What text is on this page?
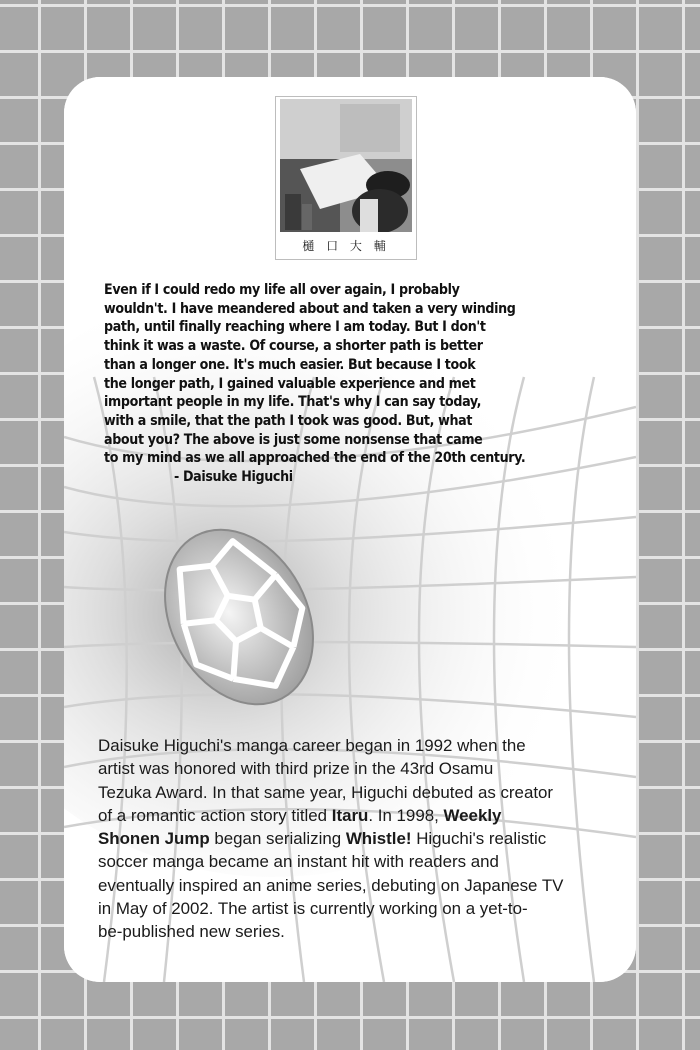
樋 口 大 輔
Even if I could redo my life all over again, I probably
wouldn't. I have meandered about and taken a very winding
path, until finally reaching where I am today. But I don't
think it was a waste. Of course, a shorter path is better
than a longer one. It's much easier. But because I took
the longer path, I gained valuable experience and met
important people in my life. That's why I can say today,
with a smile, that the path I took was good. But, what
about you? The above is just some nonsense that came
to my mind as we all approached the end of the 20th century.
- Daisuke Higuchi
Daisuke Higuchi's manga career began in 1992 when the
artist was honored with third prize in the 43rd Osamu
Tezuka Award. In that same year, Higuchi debuted as creator
of a romantic action story titled Itaru. In 1998, Weekly
Shonen Jump began serializing Whistle! Higuchi's realistic
soccer manga became an instant hit with readers and
eventually inspired an anime series, debuting on Japanese TV
in May of 2002. The artist is currently working on a yet-to-
be-published new series.
